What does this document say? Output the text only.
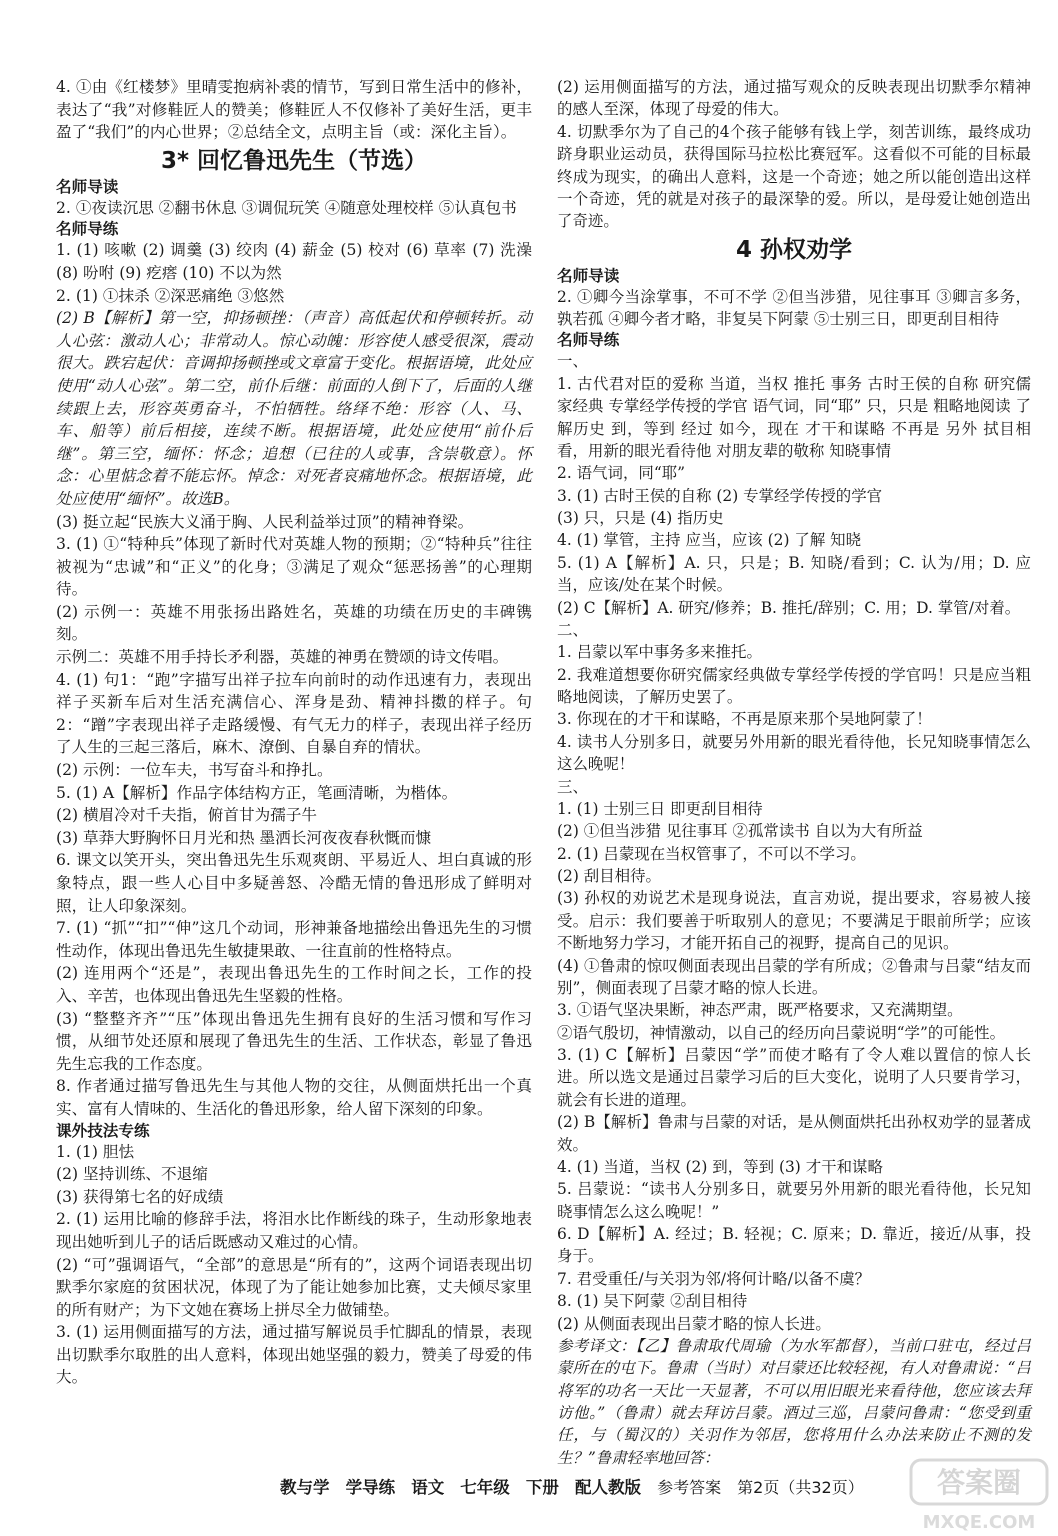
4. ①由《红楼梦》里晴雯抱病补裘的情节，写到日常生活中的修补，表达了“我”对修鞋匠人的赞美；修鞋匠人不仅修补了美好生活，更丰盈了“我们”的内心世界；②总结全文，点明主旨（或：深化主旨）。

3* 回忆鲁迅先生（节选）
名师导读

2. ①夜读沉思 ②翻书休息 ③调侃玩笑 ④随意处理校样 ⑤认真包书

名师导练

1. (1) 咳嗽 (2) 调羹 (3) 绞肉 (4) 薪金 (5) 校对 (6) 草率 (7) 洗澡 (8) 吩咐 (9) 疙瘩 (10) 不以为然

2. (1) ①抹杀 ②深恶痛绝 ③悠然

(2) B【解析】第一空，抑扬顿挫：（声音）高低起伏和停顿转折。动人心弦：激动人心；非常动人。惊心动魄：形容使人感受很深，震动很大。跌宕起伏：音调抑扬顿挫或文章富于变化。根据语境，此处应使用“动人心弦”。第二空，前仆后继：前面的人倒下了，后面的人继续跟上去，形容英勇奋斗，不怕牺牲。络绎不绝：形容（人、马、车、船等）前后相接，连续不断。根据语境，此处应使用“前仆后继”。第三空，缅怀：怀念；追想（已往的人或事，含崇敬意）。怀念：心里惦念着不能忘怀。悼念：对死者哀痛地怀念。根据语境，此处应使用“缅怀”。故选B。

(3) 挺立起“民族大义涌于胸、人民利益举过顶”的精神脊梁。

3. (1) ①“特种兵”体现了新时代对英雄人物的预期；②“特种兵”往往被视为“忠诚”和“正义”的化身；③满足了观众“惩恶扬善”的心理期待。

(2) 示例一：英雄不用张扬出路姓名，英雄的功绩在历史的丰碑镌刻。

示例二：英雄不用手持长矛利器，英雄的神勇在赞颂的诗文传唱。

4. (1) 句1：“跑”字描写出祥子拉车向前时的动作迅速有力，表现出祥子买新车后对生活充满信心、浑身是劲、精神抖擞的样子。句2：“蹭”字表现出祥子走路缓慢、有气无力的样子，表现出祥子经历了人生的三起三落后，麻木、潦倒、自暴自弃的情状。

(2) 示例：一位车夫，书写奋斗和挣扎。

5. (1) A【解析】作品字体结构方正，笔画清晰，为楷体。

(2) 横眉冷对千夫指，俯首甘为孺子牛

(3) 草莽大野胸怀日月光和热 墨洒长河夜夜春秋慨而慷

6. 课文以笑开头，突出鲁迅先生乐观爽朗、平易近人、坦白真诚的形象特点，跟一些人心目中多疑善怒、冷酷无情的鲁迅形成了鲜明对照，让人印象深刻。

7. (1) “抓”“扣”“伸”这几个动词，形神兼备地描绘出鲁迅先生的习惯性动作，体现出鲁迅先生敏捷果敢、一往直前的性格特点。

(2) 连用两个“还是”，表现出鲁迅先生的工作时间之长，工作的投入、辛苦，也体现出鲁迅先生坚毅的性格。

(3) “整整齐齐”“压”体现出鲁迅先生拥有良好的生活习惯和写作习惯，从细节处还原和展现了鲁迅先生的生活、工作状态，彰显了鲁迅先生忘我的工作态度。

8. 作者通过描写鲁迅先生与其他人物的交往，从侧面烘托出一个真实、富有人情味的、生活化的鲁迅形象，给人留下深刻的印象。

课外技法专练

1. (1) 胆怯

(2) 坚持训练、不退缩

(3) 获得第七名的好成绩

2. (1) 运用比喻的修辞手法，将泪水比作断线的珠子，生动形象地表现出她听到儿子的话后既感动又难过的心情。

(2) “可”强调语气，“全部”的意思是“所有的”，这两个词语表现出切默季尔家庭的贫困状况，体现了为了能让她参加比赛，丈夫倾尽家里的所有财产；为下文她在赛场上拼尽全力做铺垫。

3. (1) 运用侧面描写的方法，通过描写解说员手忙脚乱的情景，表现出切默季尔取胜的出人意料，体现出她坚强的毅力，赞美了母爱的伟大。

(2) 运用侧面描写的方法，通过描写观众的反映表现出切默季尔精神的感人至深，体现了母爱的伟大。

4. 切默季尔为了自己的4个孩子能够有钱上学，刻苦训练，最终成功跻身职业运动员，获得国际马拉松比赛冠军。这看似不可能的目标最终成为现实，的确出人意料，这是一个奇迹；她之所以能创造出这样一个奇迹，凭的就是对孩子的最深挚的爱。所以，是母爱让她创造出了奇迹。

4 孙权劝学
名师导读

2. ①卿今当涂掌事，不可不学 ②但当涉猎，见往事耳 ③卿言多务，孰若孤 ④卿今者才略，非复吴下阿蒙 ⑤士别三日，即更刮目相待

名师导练

一、

1. 古代君对臣的爱称 当道，当权 推托 事务 古时王侯的自称 研究儒家经典 专掌经学传授的学官 语气词，同“耶” 只，只是 粗略地阅读 了解历史 到，等到 经过 如今，现在 才干和谋略 不再是 另外 拭目相看，用新的眼光看待他 对朋友辈的敬称 知晓事情

2. 语气词，同“耶”

3. (1) 古时王侯的自称 (2) 专掌经学传授的学官

(3) 只，只是 (4) 指历史

4. (1) 掌管，主持 应当，应该 (2) 了解 知晓

5. (1) A【解析】A. 只，只是；B. 知晓/看到；C. 认为/用；D. 应当，应该/处在某个时候。

(2) C【解析】A. 研究/修养；B. 推托/辞别；C. 用；D. 掌管/对着。

二、

1. 吕蒙以军中事务多来推托。

2. 我难道想要你研究儒家经典做专掌经学传授的学官吗！只是应当粗略地阅读，了解历史罢了。

3. 你现在的才干和谋略，不再是原来那个吴地阿蒙了！

4. 读书人分别多日，就要另外用新的眼光看待他，长兄知晓事情怎么这么晚呢！

三、

1. (1) 士别三日 即更刮目相待

(2) ①但当涉猎 见往事耳 ②孤常读书 自以为大有所益

2. (1) 吕蒙现在当权管事了，不可以不学习。

(2) 刮目相待。

(3) 孙权的劝说艺术是现身说法，直言劝说，提出要求，容易被人接受。启示：我们要善于听取别人的意见；不要满足于眼前所学；应该不断地努力学习，才能开拓自己的视野，提高自己的见识。

(4) ①鲁肃的惊叹侧面表现出吕蒙的学有所成；②鲁肃与吕蒙“结友而别”，侧面表现了吕蒙才略的惊人长进。

3. ①语气坚决果断，神态严肃，既严格要求，又充满期望。

②语气殷切，神情激动，以自己的经历向吕蒙说明“学”的可能性。

3. (1) C【解析】吕蒙因“学”而使才略有了令人难以置信的惊人长进。所以选文是通过吕蒙学习后的巨大变化，说明了人只要肯学习，就会有长进的道理。

(2) B【解析】鲁肃与吕蒙的对话，是从侧面烘托出孙权劝学的显著成效。

4. (1) 当道，当权 (2) 到，等到 (3) 才干和谋略

5. 吕蒙说：“读书人分别多日，就要另外用新的眼光看待他，长兄知晓事情怎么这么晚呢！”

6. D【解析】A. 经过；B. 轻视；C. 原来；D. 靠近，接近/从事，投身于。

7. 君受重任/与关羽为邻/将何计略/以备不虞？

8. (1) 吴下阿蒙 ②刮目相待

(2) 从侧面表现出吕蒙才略的惊人长进。

参考译文：【乙】鲁肃取代周瑜（为水军都督），当前口驻屯，经过吕蒙所在的屯下。鲁肃（当时）对吕蒙还比较轻视，有人对鲁肃说：“吕将军的功名一天比一天显著，不可以用旧眼光来看待他，您应该去拜访他。”（鲁肃）就去拜访吕蒙。酒过三巡，吕蒙问鲁肃：“您受到重任，与（蜀汉的）关羽作为邻居，您将用什么办法来防止不测的发生？”鲁肃轻率地回答：

教与学 学导练 语文 七年级 下册 配人教版 参考答案 第2页（共32页）	答案圈
MXQE.COM
